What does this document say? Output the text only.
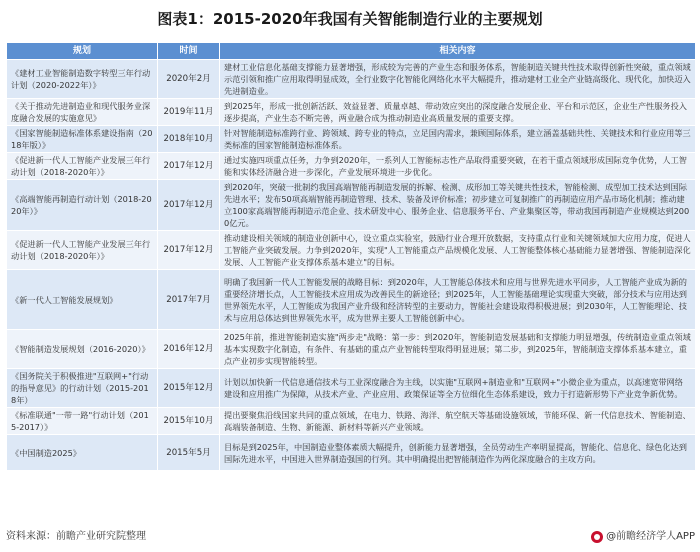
图表1：2015-2020年我国有关智能制造行业的主要规划
规划	时间	相关内容
《建材工业智能制造数字转型三年行动计划（2020-2022年）》	2020年2月	建材工业信息化基础支撑能力显著增强，形成较为完善的产业生态和服务体系，智能制造关键共性技术取得创新性突破，重点领域示范引领和推广应用取得明显成效，全行业数字化智能化网络化水平大幅提升，推动建材工业全产业链高级化、现代化，加快迈入先进制造业。
《关于推动先进制造业和现代服务业深度融合发展的实施意见》	2019年11月	到2025年，形成一批创新活跃、效益显著、质量卓越、带动效应突出的深度融合发展企业、平台和示范区，企业生产性服务投入逐步提高，产业生态不断完善，两业融合成为推动制造业高质量发展的重要支撑。
《国家智能制造标准体系建设指南（2018年版）》	2018年10月	针对智能制造标准跨行业、跨领域、跨专业的特点，立足国内需求，兼顾国际体系，建立涵盖基础共性、关键技术和行业应用等三类标准的国家智能制造标准体系。
《促进新一代人工智能产业发展三年行动计划（2018-2020年）》	2017年12月	通过实施四项重点任务，力争到2020年，一系列人工智能标志性产品取得重要突破，在若干重点领域形成国际竞争优势，人工智能和实体经济融合进一步深化，产业发展环境进一步优化。
《高端智能再制造行动计划（2018-2020年）》	2017年12月	到2020年，突破一批制约我国高端智能再制造发展的拆解、检测、成形加工等关键共性技术，智能检测、成型加工技术达到国际先进水平；发布50项高端智能再制造管理、技术、装备及评价标准；初步建立可复制推广的再制造应用产品市场化机制；推动建立100家高端智能再制造示范企业、技术研发中心、服务企业、信息服务平台、产业集聚区等，带动我国再制造产业规模达到2000亿元。
《促进新一代人工智能产业发展三年行动计划（2018-2020年）》	2017年12月	推动建设相关领域的制造业创新中心，设立重点实验室，鼓励行业合理开放数据，支持重点行业和关键领域加大应用力度，促进人工智能产业突破发展。力争到2020年，实现"人工智能重点产品规模化发展、人工智能整体核心基础能力显著增强、智能制造深化发展、人工智能产业支撑体系基本建立"的目标。
《新一代人工智能发展规划》	2017年7月	明确了我国新一代人工智能发展的战略目标：到2020年，人工智能总体技术和应用与世界先进水平同步，人工智能产业成为新的重要经济增长点，人工智能技术应用成为改善民生的新途径；到2025年，人工智能基础理论实现重大突破，部分技术与应用达到世界领先水平，人工智能成为我国产业升级和经济转型的主要动力，智能社会建设取得积极进展；到2030年，人工智能理论、技术与应用总体达到世界领先水平，成为世界主要人工智能创新中心。
《智能制造发展规划（2016-2020）》	2016年12月	2025年前，推进智能制造实施"两步走"战略：第一步：到2020年，智能制造发展基础和支撑能力明显增强，传统制造业重点领域基本实现数字化制造，有条件、有基础的重点产业智能转型取得明显进展；第二步，到2025年，智能制造支撑体系基本建立，重点产业初步实现智能转型。
《国务院关于积极推进"互联网+"行动的指导意见》的行动计划（2015-2018年）	2015年12月	计划以加快新一代信息通信技术与工业深度融合为主线，以实施"互联网+制造业和"互联网+"小微企业为重点，以高速宽带网络建设和应用推广为保障，从技术产业、产业应用、政策保证等全方位细化生态体系建设，致力于打造新形势下产业竞争新优势。
《标准联通"一带一路"行动计划（2015-2017）》	2015年10月	提出要聚焦沿线国家共同的重点领域，在电力、铁路、海洋、航空航天等基础设施领域，节能环保、新一代信息技术、智能制造、高端装备制造、生物、新能源、新材料等新兴产业领域。
《中国制造2025》	2015年5月	目标是到2025年，中国制造业整体素质大幅提升，创新能力显著增强，全员劳动生产率明显提高，智能化、信息化、绿色化达到国际先进水平，中国进入世界制造强国的行列。其中明确提出把智能制造作为两化深度融合的主攻方向。
资料来源：前瞻产业研究院整理	@前瞻经济学人APP
